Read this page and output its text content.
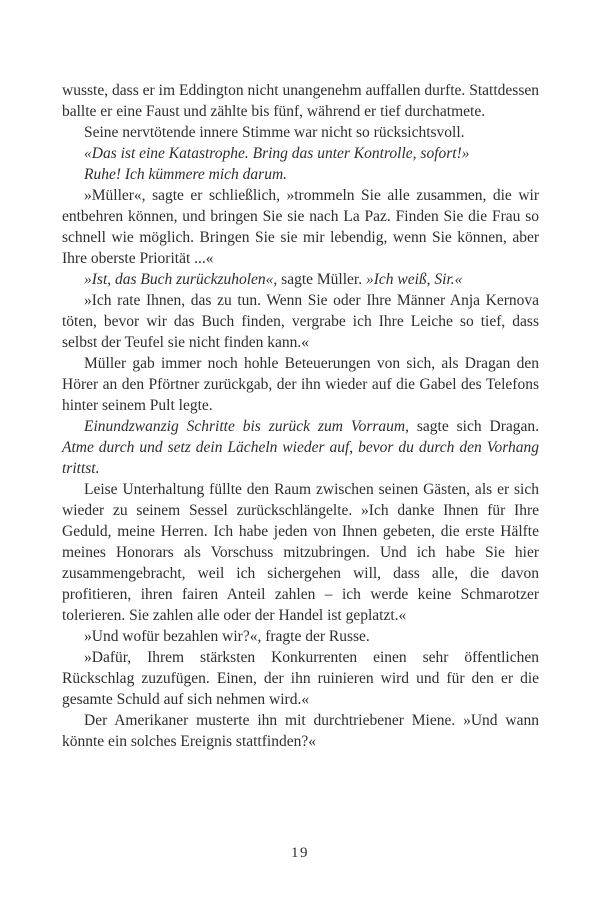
wusste, dass er im Eddington nicht unangenehm auffallen durfte. Stattdessen ballte er eine Faust und zählte bis fünf, während er tief durchatmete.

Seine nervtötende innere Stimme war nicht so rücksichtsvoll.

«Das ist eine Katastrophe. Bring das unter Kontrolle, sofort!»

Ruhe! Ich kümmere mich darum.

»Müller«, sagte er schließlich, »trommeln Sie alle zusammen, die wir entbehren können, und bringen Sie sie nach La Paz. Finden Sie die Frau so schnell wie möglich. Bringen Sie sie mir lebendig, wenn Sie können, aber Ihre oberste Priorität ...«

»Ist, das Buch zurückzuholen«, sagte Müller. »Ich weiß, Sir.«

»Ich rate Ihnen, das zu tun. Wenn Sie oder Ihre Männer Anja Kernova töten, bevor wir das Buch finden, vergrabe ich Ihre Leiche so tief, dass selbst der Teufel sie nicht finden kann.«

Müller gab immer noch hohle Beteuerungen von sich, als Dragan den Hörer an den Pförtner zurückgab, der ihn wieder auf die Gabel des Telefons hinter seinem Pult legte.

Einundzwanzig Schritte bis zurück zum Vorraum, sagte sich Dragan. Atme durch und setz dein Lächeln wieder auf, bevor du durch den Vorhang trittst.

Leise Unterhaltung füllte den Raum zwischen seinen Gästen, als er sich wieder zu seinem Sessel zurückschlängelte. »Ich danke Ihnen für Ihre Geduld, meine Herren. Ich habe jeden von Ihnen gebeten, die erste Hälfte meines Honorars als Vorschuss mitzubringen. Und ich habe Sie hier zusammengebracht, weil ich sichergehen will, dass alle, die davon profitieren, ihren fairen Anteil zahlen – ich werde keine Schmarotzer tolerieren. Sie zahlen alle oder der Handel ist geplatzt.«

»Und wofür bezahlen wir?«, fragte der Russe.

»Dafür, Ihrem stärksten Konkurrenten einen sehr öffentlichen Rückschlag zuzufügen. Einen, der ihn ruinieren wird und für den er die gesamte Schuld auf sich nehmen wird.«

Der Amerikaner musterte ihn mit durchtriebener Miene. »Und wann könnte ein solches Ereignis stattfinden?«

19
